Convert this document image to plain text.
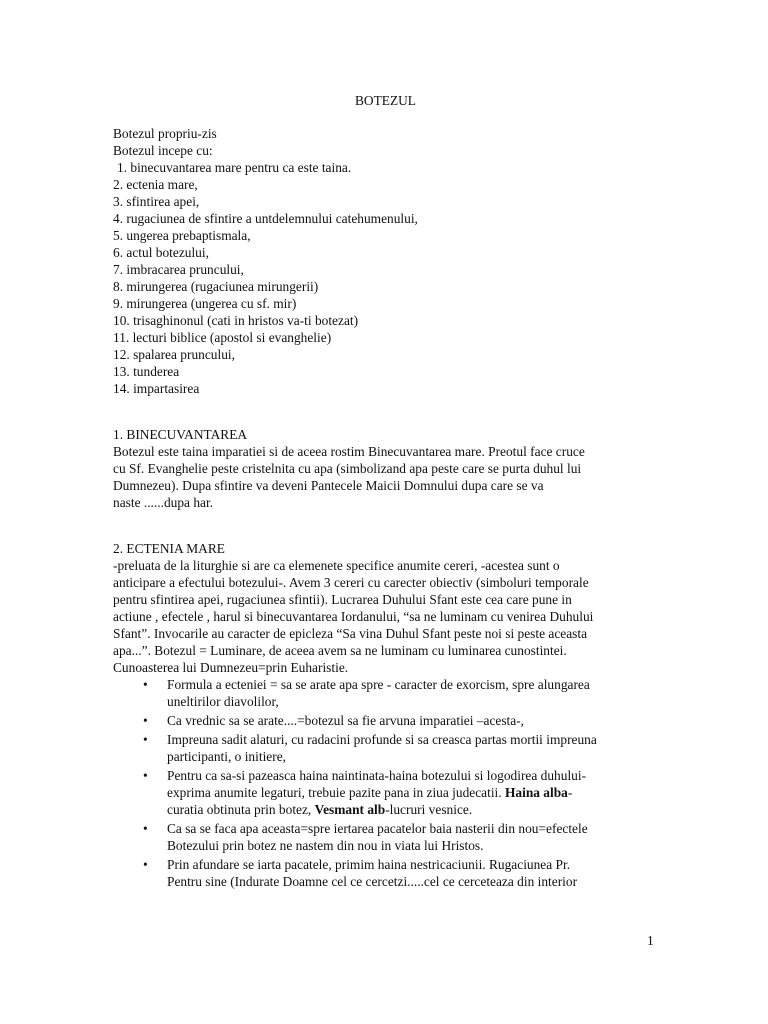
BOTEZUL
Botezul propriu-zis
Botezul incepe cu:
1. binecuvantarea mare pentru ca este taina.
2. ectenia mare,
3. sfintirea apei,
4. rugaciunea de sfintire a untdelemnului catehumenului,
5. ungerea prebaptismala,
6. actul botezului,
7. imbracarea pruncului,
8. mirungerea (rugaciunea mirungerii)
9. mirungerea (ungerea cu sf. mir)
10. trisaghinonul (cati in hristos va-ti botezat)
11. lecturi biblice (apostol si evanghelie)
12. spalarea pruncului,
13. tunderea
14. impartasirea
1. BINECUVANTAREA
Botezul este taina imparatiei si de aceea rostim Binecuvantarea mare. Preotul face cruce
cu Sf. Evanghelie peste cristelnita cu apa (simbolizand apa peste care se purta duhul lui
Dumnezeu). Dupa sfintire va deveni Pantecele Maicii Domnului dupa care se va
naste ......dupa har.
2. ECTENIA MARE
-preluata de la liturghie si are ca elemenete specifice anumite cereri, -acestea sunt o
anticipare a efectului botezului-. Avem 3 cereri cu carecter obiectiv (simboluri temporale
pentru sfintirea apei, rugaciunea sfintii). Lucrarea Duhului Sfant este cea care pune in
actiune , efectele , harul si binecuvantarea Iordanului, “sa ne luminam cu venirea Duhului
Sfant”. Invocarile au caracter de epicleza “Sa vina Duhul Sfant peste noi si peste aceasta
apa...”. Botezul = Luminare, de aceea avem sa ne luminam cu luminarea cunostintei.
Cunoasterea lui Dumnezeu=prin Euharistie.
• Formula a ecteniei = sa se arate apa spre - caracter de exorcism, spre alungarea
uneltirilor diavolilor,
• Ca vrednic sa se arate....=botezul sa fie arvuna imparatiei –acesta-,
• Impreuna sadit alaturi, cu radacini profunde si sa creasca partas mortii impreuna
participanti, o initiere,
• Pentru ca sa-si pazeasca haina naintinata-haina botezului si logodirea duhului-
exprima anumite legaturi, trebuie pazite pana in ziua judecatii. Haina alba-
curatia obtinuta prin botez, Vesmant alb-lucruri vesnice.
• Ca sa se faca apa aceasta=spre iertarea pacatelor baia nasterii din nou=efectele
Botezului prin botez ne nastem din nou in viata lui Hristos.
• Prin afundare se iarta pacatele, primim haina nestricaciunii. Rugaciunea Pr.
Pentru sine (Indurate Doamne cel ce cercetzi.....cel ce cerceteaza din interior
1
